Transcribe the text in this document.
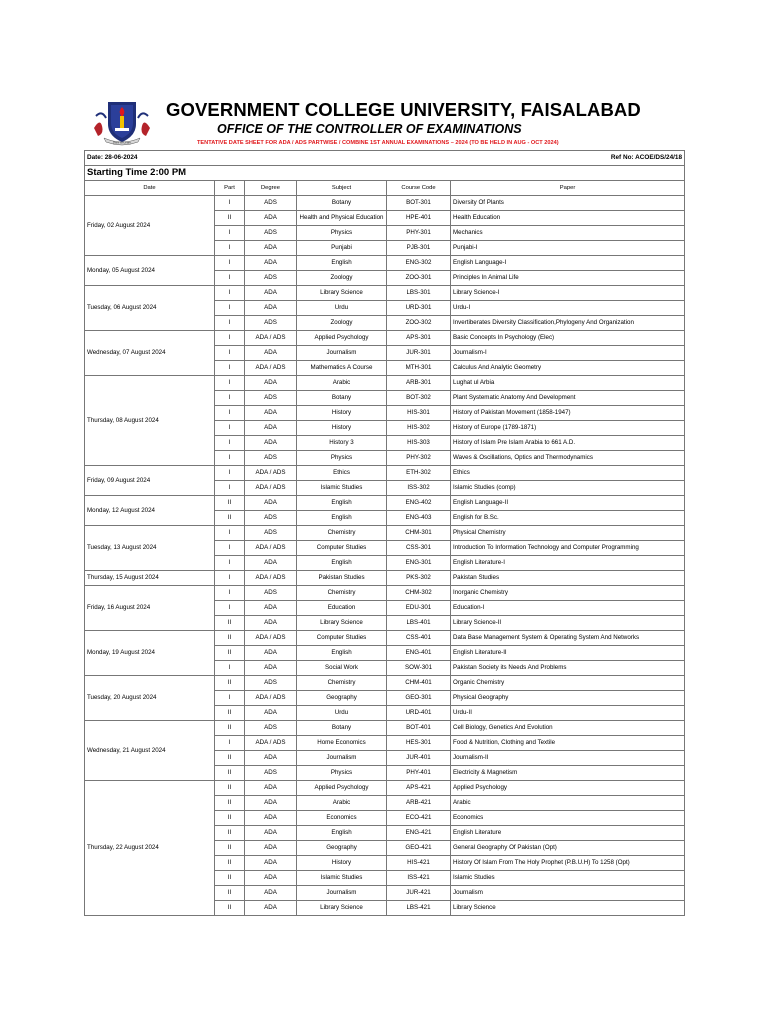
Dare to Learn
GOVERNMENT COLLEGE UNIVERSITY, FAISALABAD
OFFICE OF THE CONTROLLER OF EXAMINATIONS
TENTATIVE DATE SHEET FOR ADA / ADS PARTWISE / COMBINE 1ST ANNUAL EXAMINATIONS – 2024 (TO BE HELD IN AUG - OCT 2024)
Date: 28-06-2024 Ref No: ACOE/DS/24/18					

Starting Time 2:00 PM					
Date	Part	Degree	Subject	Course Code	Paper
Friday, 02 August 2024	I	ADS	Botany	BOT-301	Diversity Of Plants
	II	ADA	Health and Physical Education	HPE-401	Health Education
	I	ADS	Physics	PHY-301	Mechanics
	I	ADA	Punjabi	PJB-301	Punjabi-I
Monday, 05 August 2024	I	ADA	English	ENG-302	English Language-I
	I	ADS	Zoology	ZOO-301	Principles In Animal Life
Tuesday, 06 August 2024	I	ADA	Library Science	LBS-301	Library Science-I
	I	ADA	Urdu	URD-301	Urdu-I
	I	ADS	Zoology	ZOO-302	Invertiberates Diversity Classification,Phylogeny And Organization
Wednesday, 07 August 2024	I	ADA / ADS	Applied Psychology	APS-301	Basic Concepts In Psychology (Elec)
	I	ADA	Journalism	JUR-301	Journalism-I
	I	ADA / ADS	Mathematics A Course	MTH-301	Calculus And Analytic Geometry
Thursday, 08 August 2024	I	ADA	Arabic	ARB-301	Lughat ul Arbia
	I	ADS	Botany	BOT-302	Plant Systematic Anatomy And Development
	I	ADA	History	HIS-301	History of Pakistan Movement (1858-1947)
	I	ADA	History	HIS-302	History of Europe (1789-1871)
	I	ADA	History 3	HIS-303	History of Islam Pre Islam Arabia to 661 A.D.
	I	ADS	Physics	PHY-302	Waves & Oscillations, Optics and Thermodynamics
Friday, 09 August 2024	I	ADA / ADS	Ethics	ETH-302	Ethics
	I	ADA / ADS	Islamic Studies	ISS-302	Islamic Studies (comp)
Monday, 12 August 2024	II	ADA	English	ENG-402	English Language-II
	II	ADS	English	ENG-403	English for B.Sc.
Tuesday, 13 August 2024	I	ADS	Chemistry	CHM-301	Physical Chemistry
	I	ADA / ADS	Computer Studies	CSS-301	Introduction To Information Technology and Computer Programming
	I	ADA	English	ENG-301	English Literature-I
Thursday, 15 August 2024	I	ADA / ADS	Pakistan Studies	PKS-302	Pakistan Studies
Friday, 16 August 2024	I	ADS	Chemistry	CHM-302	Inorganic Chemistry
	I	ADA	Education	EDU-301	Education-I
	II	ADA	Library Science	LBS-401	Library Science-II
Monday, 19 August 2024	II	ADA / ADS	Computer Studies	CSS-401	Data Base Management System & Operating System And Networks
	II	ADA	English	ENG-401	English Literature-II
	I	ADA	Social Work	SOW-301	Pakistan Society its Needs And Problems
Tuesday, 20 August 2024	II	ADS	Chemistry	CHM-401	Organic Chemistry
	I	ADA / ADS	Geography	GEO-301	Physical Geography
	II	ADA	Urdu	URD-401	Urdu-II
Wednesday, 21 August 2024	II	ADS	Botany	BOT-401	Cell Biology, Genetics And Evolution
	I	ADA / ADS	Home Economics	HES-301	Food & Nutrition, Clothing and Textile
	II	ADA	Journalism	JUR-401	Journalism-II
	II	ADS	Physics	PHY-401	Electricity & Magnetism
Thursday, 22 August 2024	II	ADA	Applied Psychology	APS-421	Applied Psychology
	II	ADA	Arabic	ARB-421	Arabic
	II	ADA	Economics	ECO-421	Economics
	II	ADA	English	ENG-421	English Literature
	II	ADA	Geography	GEO-421	General Geography Of Pakistan (Opt)
	II	ADA	History	HIS-421	History Of Islam From The Holy Prophet (P.B.U.H) To 1258 (Opt)
	II	ADA	Islamic Studies	ISS-421	Islamic Studies
	II	ADA	Journalism	JUR-421	Journalism
	II	ADA	Library Science	LBS-421	Library Science
